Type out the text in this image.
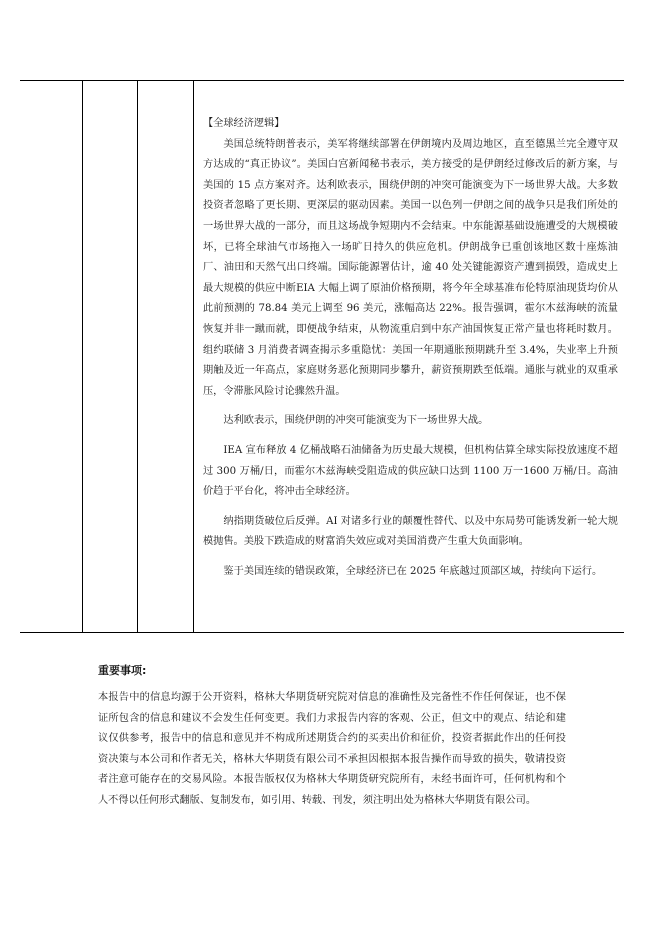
【全球经济逻辑】

美国总统特朗普表示，美军将继续部署在伊朗境内及周边地区，直至德黑兰完全遵守双方达成的“真正协议”。美国白宫新闻秘书表示，美方接受的是伊朗经过修改后的新方案，与美国的 15 点方案对齐。达利欧表示，围绕伊朗的冲突可能演变为下一场世界大战。大多数投资者忽略了更长期、更深层的驱动因素。美国一以色列一伊朗之间的战争只是我们所处的一场世界大战的一部分，而且这场战争短期内不会结束。中东能源基础设施遭受的大规模破坏，已将全球油气市场拖入一场旷日持久的供应危机。伊朗战争已重创该地区数十座炼油厂、油田和天然气出口终端。国际能源署估计，逾 40 处关键能源资产遭到损毁，造成史上最大规模的供应中断EIA 大幅上调了原油价格预期，将今年全球基准布伦特原油现货均价从此前预测的 78.84 美元上调至 96 美元，涨幅高达 22%。报告强调，霍尔木兹海峡的流量恢复并非一蹴而就，即便战争结束，从物流重启到中东产油国恢复正常产量也将耗时数月。组约联储 3 月消费者调查揭示多重隐忧：美国一年期通胀预期跳升至 3.4%，失业率上升预期触及近一年高点，家庭财务恶化预期同步攀升，薪资预期跌至低端。通胀与就业的双重承压，令滞胀风险讨论骤然升温。

达利欧表示，围绕伊朗的冲突可能演变为下一场世界大战。

IEA 宣布释放 4 亿桶战略石油储备为历史最大规模，但机构估算全球实际投放速度不超过 300 万桶/日，而霍尔木兹海峡受阻造成的供应缺口达到 1100 万一1600 万桶/日。高油价趋于平台化，将冲击全球经济。

纳指期货破位后反弹。AI 对诸多行业的颠覆性替代、以及中东局势可能诱发新一轮大规模抛售。美股下跌造成的财富消失效应或对美国消费产生重大负面影响。

鉴于美国连续的错误政策，全球经济已在 2025 年底越过顶部区域，持续向下运行。

重要事项:

本报告中的信息均源于公开资料，格林大华期货研究院对信息的准确性及完备性不作任何保证，也不保证所包含的信息和建议不会发生任何变更。我们力求报告内容的客观、公正，但文中的观点、结论和建议仅供参考，报告中的信息和意见并不构成所述期货合约的买卖出价和征价，投资者据此作出的任何投资决策与本公司和作者无关，格林大华期货有限公司不承担因根据本报告操作而导致的损失，敬请投资者注意可能存在的交易风险。本报告版权仅为格林大华期货研究院所有，未经书面许可，任何机构和个人不得以任何形式翻版、复制发布，如引用、转载、刊发，须注明出处为格林大华期货有限公司。
